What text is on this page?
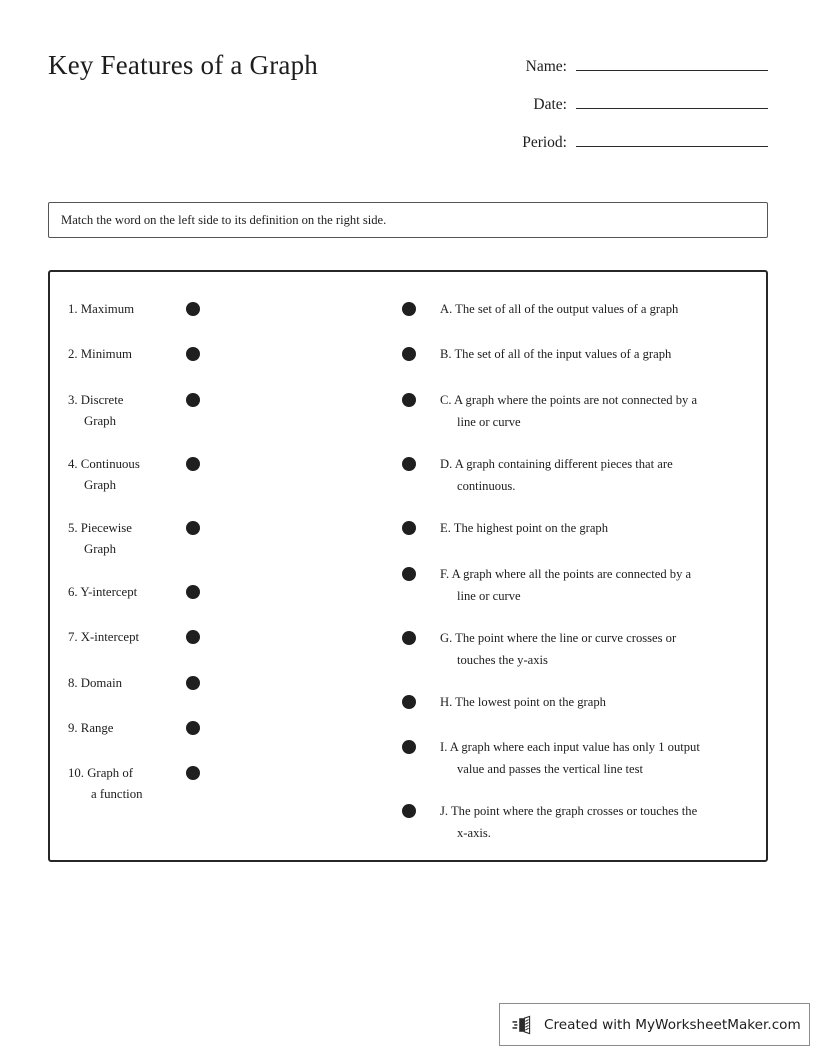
Key Features of a Graph	Name:
Date:
Period:
Match the word on the left side to its definition on the right side.
1. Maximum
2. Minimum
3. Discrete
Graph
4. Continuous
Graph
5. Piecewise
Graph
6. Y-intercept
7. X-intercept
8. Domain
9. Range
10. Graph of
a function
A. The set of all of the output values of a graph
B. The set of all of the input values of a graph
C. A graph where the points are not connected by a
line or curve
D. A graph containing different pieces that are
continuous.
E. The highest point on the graph
F. A graph where all the points are connected by a
line or curve
G. The point where the line or curve crosses or
touches the y-axis
H. The lowest point on the graph
I. A graph where each input value has only 1 output
value and passes the vertical line test
J. The point where the graph crosses or touches the
x-axis.
Created with MyWorksheetMaker.com
